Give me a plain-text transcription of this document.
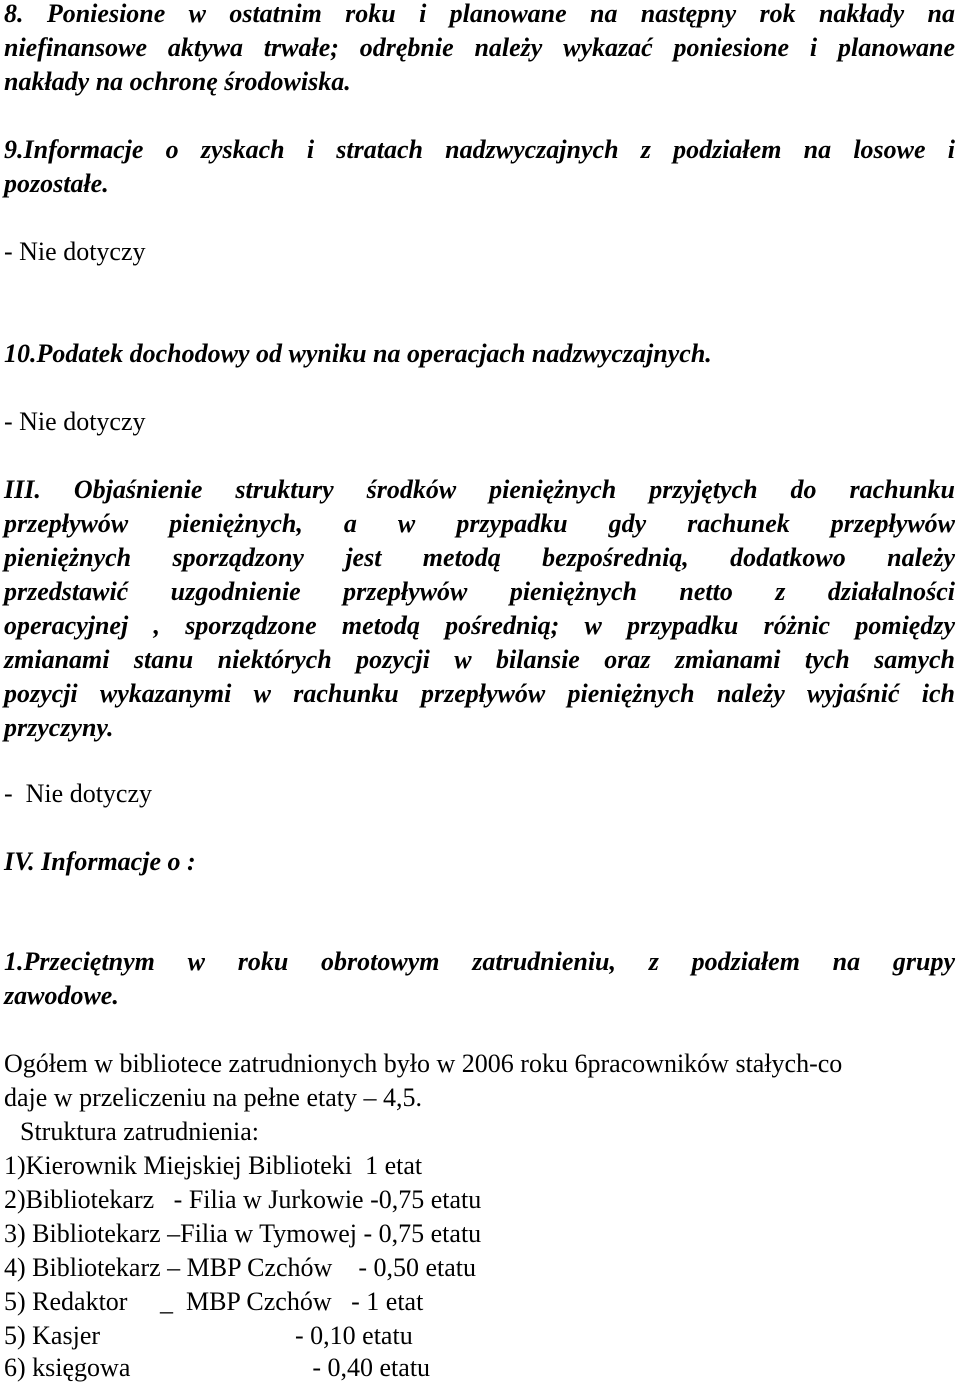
8. Poniesione w ostatnim roku i planowane na następny rok nakłady na
niefinansowe aktywa trwałe; odrębnie należy wykazać poniesione i planowane
nakłady na ochronę środowiska.
9.Informacje o zyskach i stratach nadzwyczajnych z podziałem na losowe i
pozostałe.
- Nie dotyczy
10.Podatek dochodowy od wyniku na operacjach nadzwyczajnych.
- Nie dotyczy
III. Objaśnienie struktury środków pieniężnych przyjętych do rachunku
przepływów pieniężnych, a w przypadku gdy rachunek przepływów
pieniężnych sporządzony jest metodą bezpośrednią, dodatkowo należy
przedstawić uzgodnienie przepływów pieniężnych netto z działalności
operacyjnej , sporządzone metodą pośrednią; w przypadku różnic pomiędzy
zmianami stanu niektórych pozycji w bilansie oraz zmianami tych samych
pozycji wykazanymi w rachunku przepływów pieniężnych należy wyjaśnić ich
przyczyny.
-  Nie dotyczy
IV. Informacje o :
1.Przeciętnym w roku obrotowym zatrudnieniu, z podziałem na grupy
zawodowe.
Ogółem w bibliotece zatrudnionych było w 2006 roku 6pracowników stałych-co
daje w przeliczeniu na pełne etaty – 4,5.
Struktura zatrudnienia:
1)Kierownik Miejskiej Biblioteki  1 etat
2)Bibliotekarz   - Filia w Jurkowie -0,75 etatu
3) Bibliotekarz –Filia w Tymowej - 0,75 etatu
4) Bibliotekarz – MBP Czchów    - 0,50 etatu
5) Redaktor     _  MBP Czchów   - 1 etat
5) Kasjer                              - 0,10 etatu
6) księgowa                            - 0,40 etatu
